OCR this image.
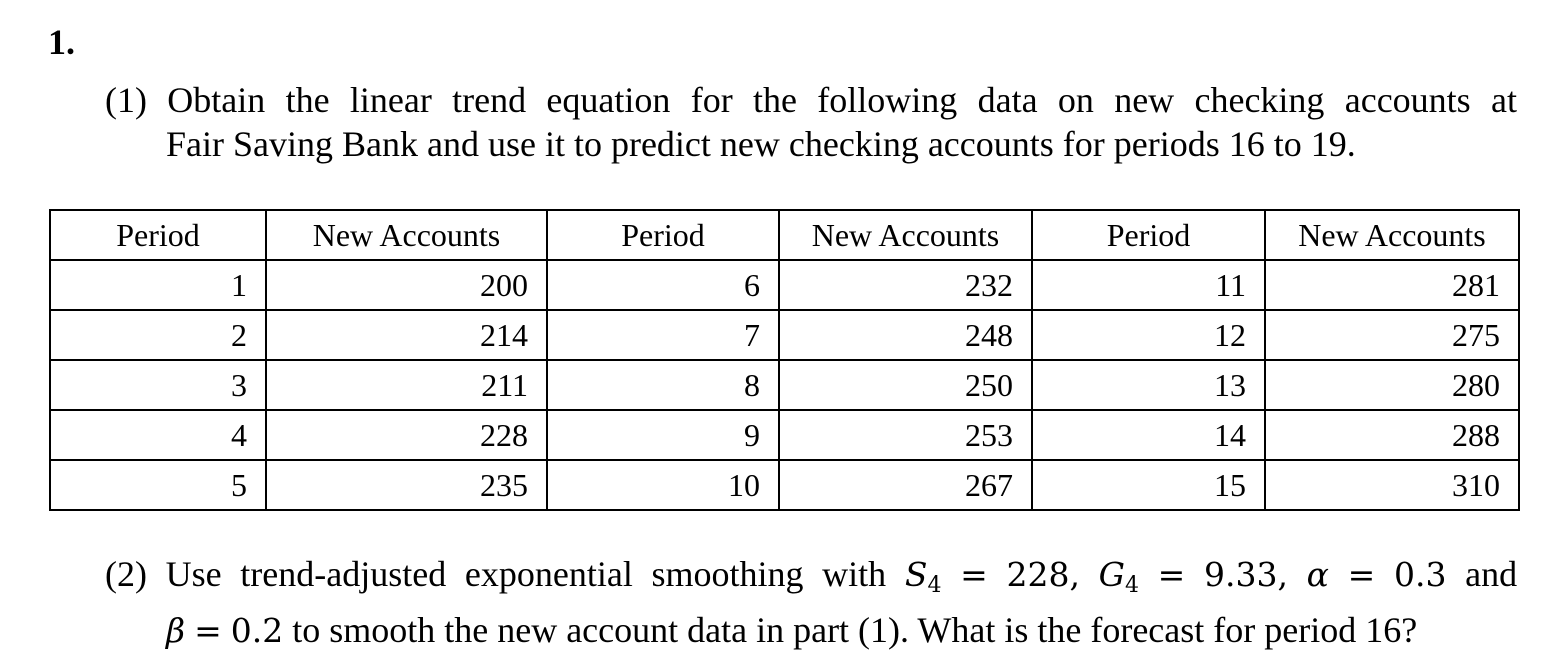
1.
(1) Obtain the linear trend equation for the following data on new checking accounts at
Fair Saving Bank and use it to predict new checking accounts for periods 16 to 19.
Period	New Accounts	Period	New Accounts	Period	New Accounts
1	200	6	232	11	281
2	214	7	248	12	275
3	211	8	250	13	280
4	228	9	253	14	288
5	235	10	267	15	310
(2) Use trend-adjusted exponential smoothing with $S_4 = 228$, $G_4 = 9.33$, α = 0.3 and
β = 0.2 to smooth the new account data in part (1). What is the forecast for period 16?
